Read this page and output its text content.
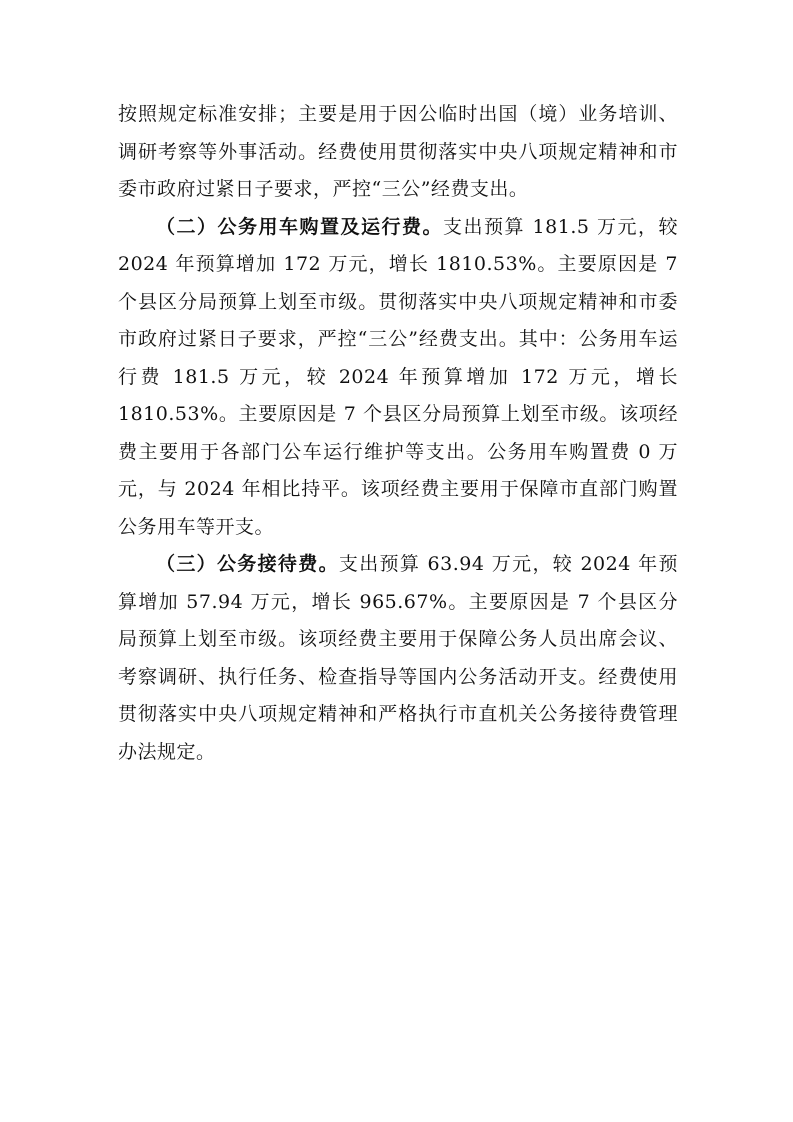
按照规定标准安排；主要是用于因公临时出国（境）业务培训、调研考察等外事活动。经费使用贯彻落实中央八项规定精神和市委市政府过紧日子要求，严控“三公”经费支出。

（二）公务用车购置及运行费。支出预算 181.5 万元，较 2024 年预算增加 172 万元，增长 1810.53%。主要原因是 7 个县区分局预算上划至市级。贯彻落实中央八项规定精神和市委市政府过紧日子要求，严控“三公”经费支出。其中：公务用车运行费 181.5 万元，较 2024 年预算增加 172 万元，增长 1810.53%。主要原因是 7 个县区分局预算上划至市级。该项经费主要用于各部门公车运行维护等支出。公务用车购置费 0 万元，与 2024 年相比持平。该项经费主要用于保障市直部门购置公务用车等开支。

（三）公务接待费。支出预算 63.94 万元，较 2024 年预算增加 57.94 万元，增长 965.67%。主要原因是 7 个县区分局预算上划至市级。该项经费主要用于保障公务人员出席会议、考察调研、执行任务、检查指导等国内公务活动开支。经费使用贯彻落实中央八项规定精神和严格执行市直机关公务接待费管理办法规定。
